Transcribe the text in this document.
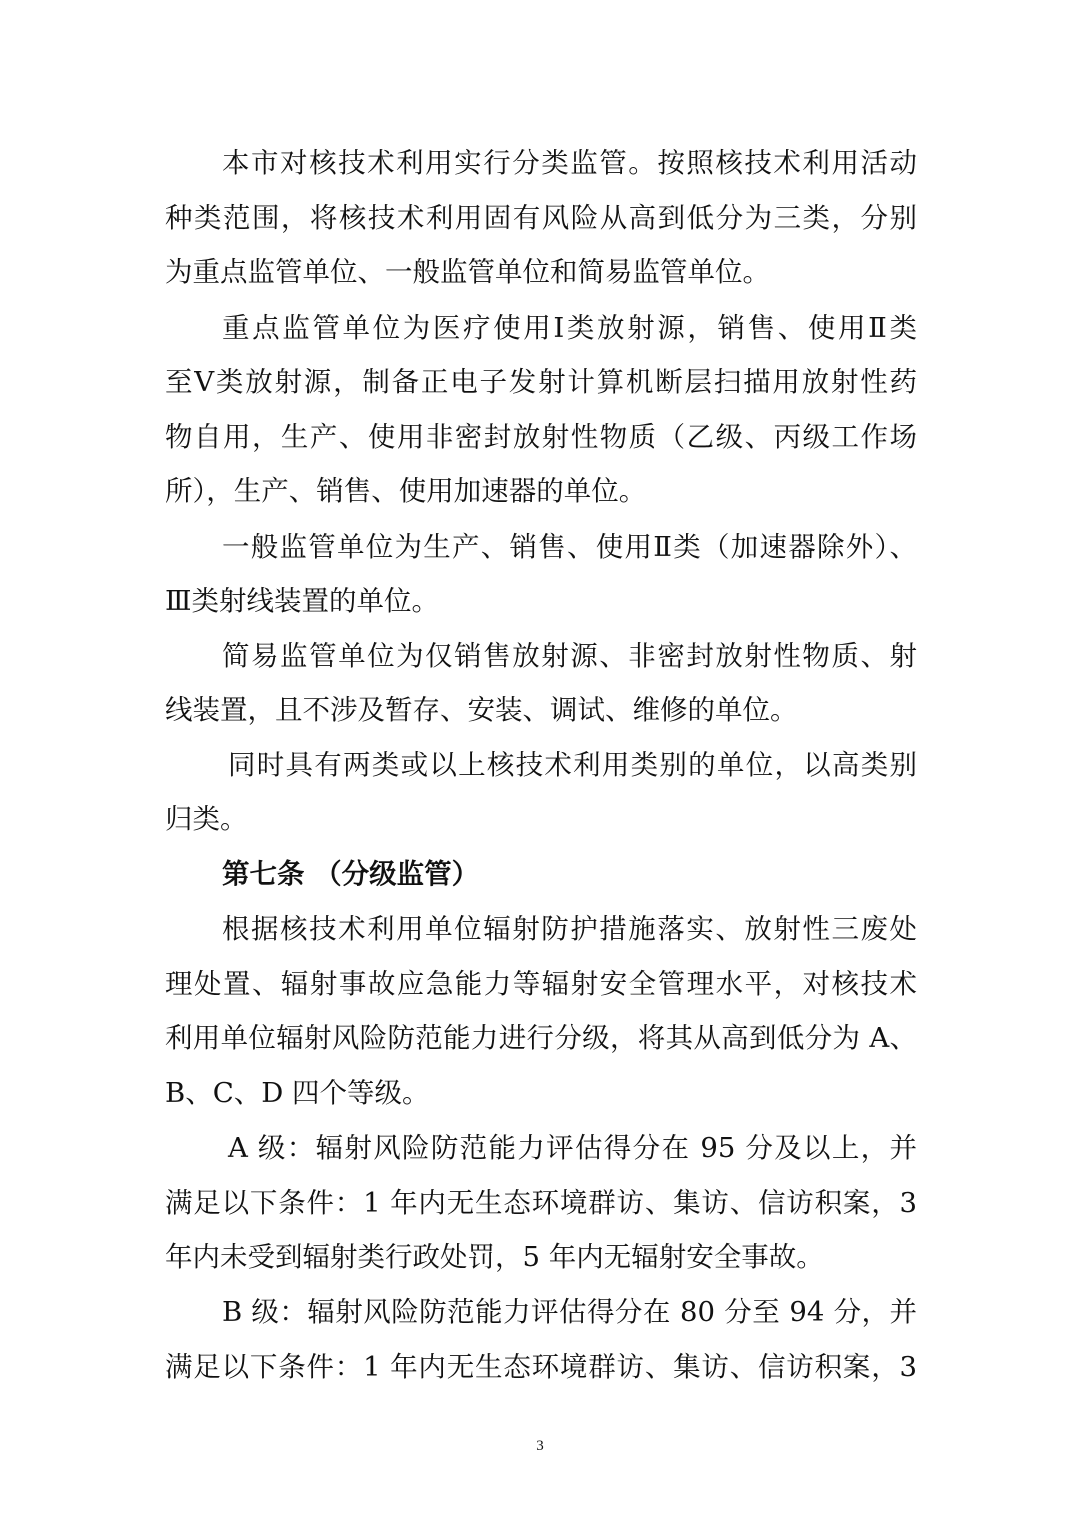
本市对核技术利用实行分类监管。按照核技术利用活动
种类范围，将核技术利用固有风险从高到低分为三类，分别
为重点监管单位、一般监管单位和简易监管单位。
重点监管单位为医疗使用Ⅰ类放射源，销售、使用Ⅱ类
至Ⅴ类放射源，制备正电子发射计算机断层扫描用放射性药
物自用，生产、使用非密封放射性物质（乙级、丙级工作场
所），生产、销售、使用加速器的单位。
一般监管单位为生产、销售、使用Ⅱ类（加速器除外）、
Ⅲ类射线装置的单位。
简易监管单位为仅销售放射源、非密封放射性物质、射
线装置，且不涉及暂存、安装、调试、维修的单位。
同时具有两类或以上核技术利用类别的单位，以高类别
归类。
第七条 （分级监管）
根据核技术利用单位辐射防护措施落实、放射性三废处
理处置、辐射事故应急能力等辐射安全管理水平，对核技术
利用单位辐射风险防范能力进行分级，将其从高到低分为 A、
B、C、D 四个等级。
A 级：辐射风险防范能力评估得分在 95 分及以上，并
满足以下条件：1 年内无生态环境群访、集访、信访积案，3
年内未受到辐射类行政处罚，5 年内无辐射安全事故。
B 级：辐射风险防范能力评估得分在 80 分至 94 分，并
满足以下条件：1 年内无生态环境群访、集访、信访积案，3
3
